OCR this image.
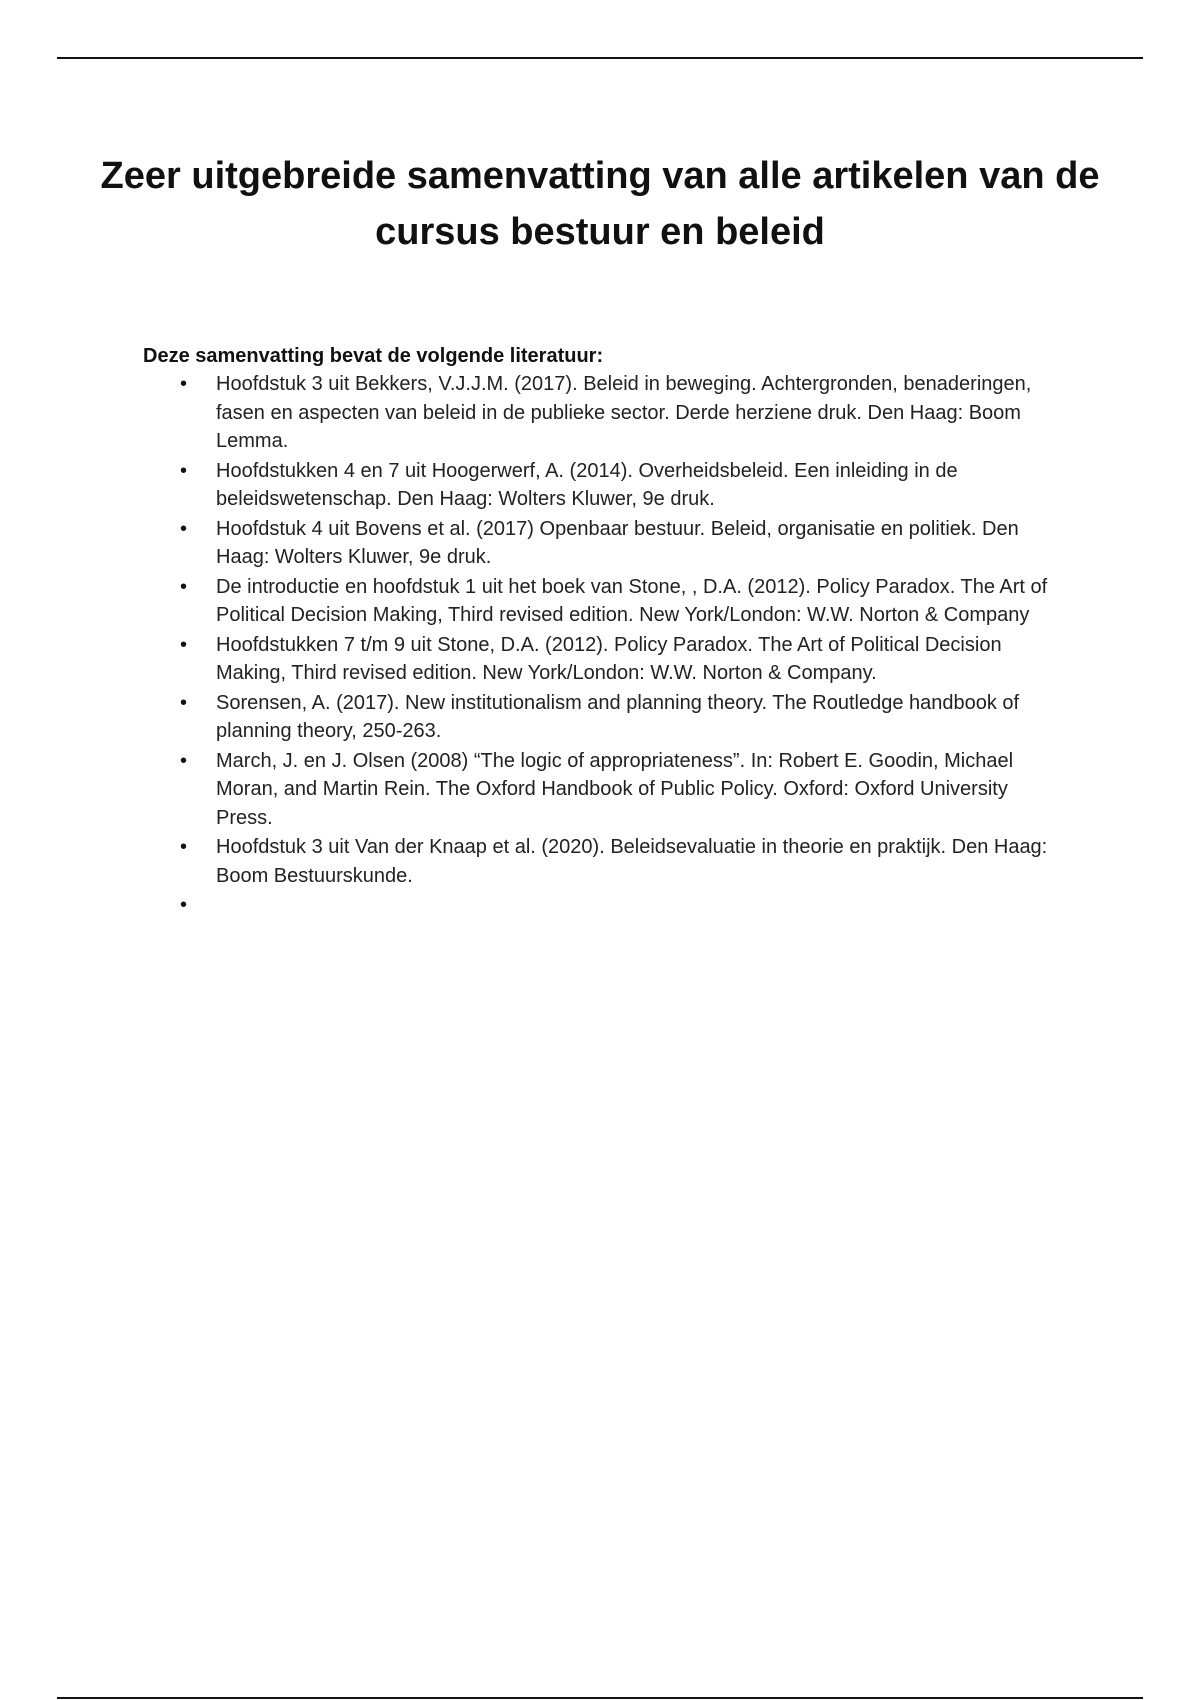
Zeer uitgebreide samenvatting van alle artikelen van de cursus bestuur en beleid

Deze samenvatting bevat de volgende literatuur:

• Hoofdstuk 3 uit Bekkers, V.J.J.M. (2017). Beleid in beweging. Achtergronden, benaderingen, fasen en aspecten van beleid in de publieke sector. Derde herziene druk. Den Haag: Boom Lemma.
• Hoofdstukken 4 en 7 uit Hoogerwerf, A. (2014). Overheidsbeleid. Een inleiding in de beleidswetenschap. Den Haag: Wolters Kluwer, 9e druk.
• Hoofdstuk 4 uit Bovens et al. (2017) Openbaar bestuur. Beleid, organisatie en politiek. Den Haag: Wolters Kluwer, 9e druk.
• De introductie en hoofdstuk 1 uit het boek van Stone, , D.A. (2012). Policy Paradox. The Art of Political Decision Making, Third revised edition. New York/London: W.W. Norton & Company
• Hoofdstukken 7 t/m 9 uit Stone, D.A. (2012). Policy Paradox. The Art of Political Decision Making, Third revised edition. New York/London: W.W. Norton & Company.
• Sorensen, A. (2017). New institutionalism and planning theory. The Routledge handbook of planning theory, 250-263.
• March, J. en J. Olsen (2008) “The logic of appropriateness”. In: Robert E. Goodin, Michael Moran, and Martin Rein. The Oxford Handbook of Public Policy. Oxford: Oxford University Press.
• Hoofdstuk 3 uit Van der Knaap et al. (2020). Beleidsevaluatie in theorie en praktijk. Den Haag: Boom Bestuurskunde.
•
